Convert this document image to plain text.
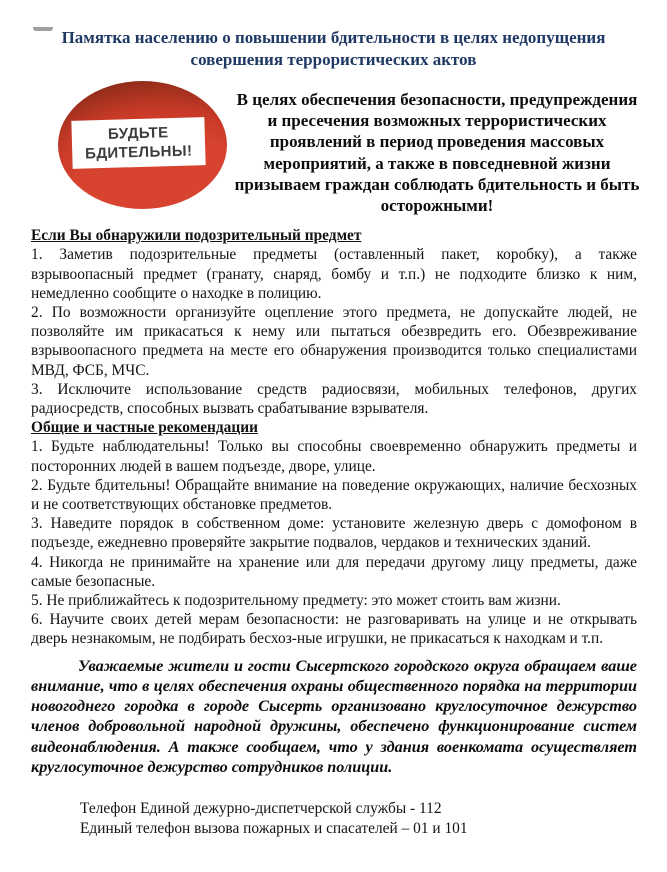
Памятка населению о повышении бдительности в целях недопущения совершения террористических актов
БУДЬТЕ
БДИТЕЛЬНЫ!

В целях обеспечения безопасности, предупреждения и пресечения возможных террористических проявлений в период проведения массовых мероприятий, а также в повседневной жизни призываем граждан соблюдать бдительность и быть осторожными!

Если Вы обнаружили подозрительный предмет

1. Заметив подозрительные предметы (оставленный пакет, коробку), а также взрывоопасный предмет (гранату, снаряд, бомбу и т.п.) не подходите близко к ним, немедленно сообщите о находке в полицию.

2. По возможности организуйте оцепление этого предмета, не допускайте людей, не позволяйте им прикасаться к нему или пытаться обезвредить его. Обезвреживание взрывоопасного предмета на месте его обнаружения производится только специалистами МВД, ФСБ, МЧС.

3. Исключите использование средств радиосвязи, мобильных телефонов, других радиосредств, способных вызвать срабатывание взрывателя.

Общие и частные рекомендации

1. Будьте наблюдательны! Только вы способны своевременно обнаружить предметы и посторонних людей в вашем подъезде, дворе, улице.

2. Будьте бдительны! Обращайте внимание на поведение окружающих, наличие бесхозных и не соответствующих обстановке предметов.

3. Наведите порядок в собственном доме: установите железную дверь с домофоном в подъезде, ежедневно проверяйте закрытие подвалов, чердаков и технических зданий.

4. Никогда не принимайте на хранение или для передачи другому лицу предметы, даже самые безопасные.

5. Не приближайтесь к подозрительному предмету: это может стоить вам жизни.

6. Научите своих детей мерам безопасности: не разговаривать на улице и не открывать дверь незнакомым, не подбирать бесхоз-ные игрушки, не прикасаться к находкам и т.п.

Уважаемые жители и гости Сысертского городского округа обращаем ваше внимание, что в целях обеспечения охраны общественного порядка на территории новогоднего городка в городе Сысерть организовано круглосуточное дежурство членов добровольной народной дружины, обеспечено функционирование систем видеонаблюдения. А также сообщаем, что у здания военкомата осуществляет круглосуточное дежурство сотрудников полиции.

Телефон Единой дежурно-диспетчерской службы - 112

Единый телефон вызова пожарных и спасателей – 01 и 101
